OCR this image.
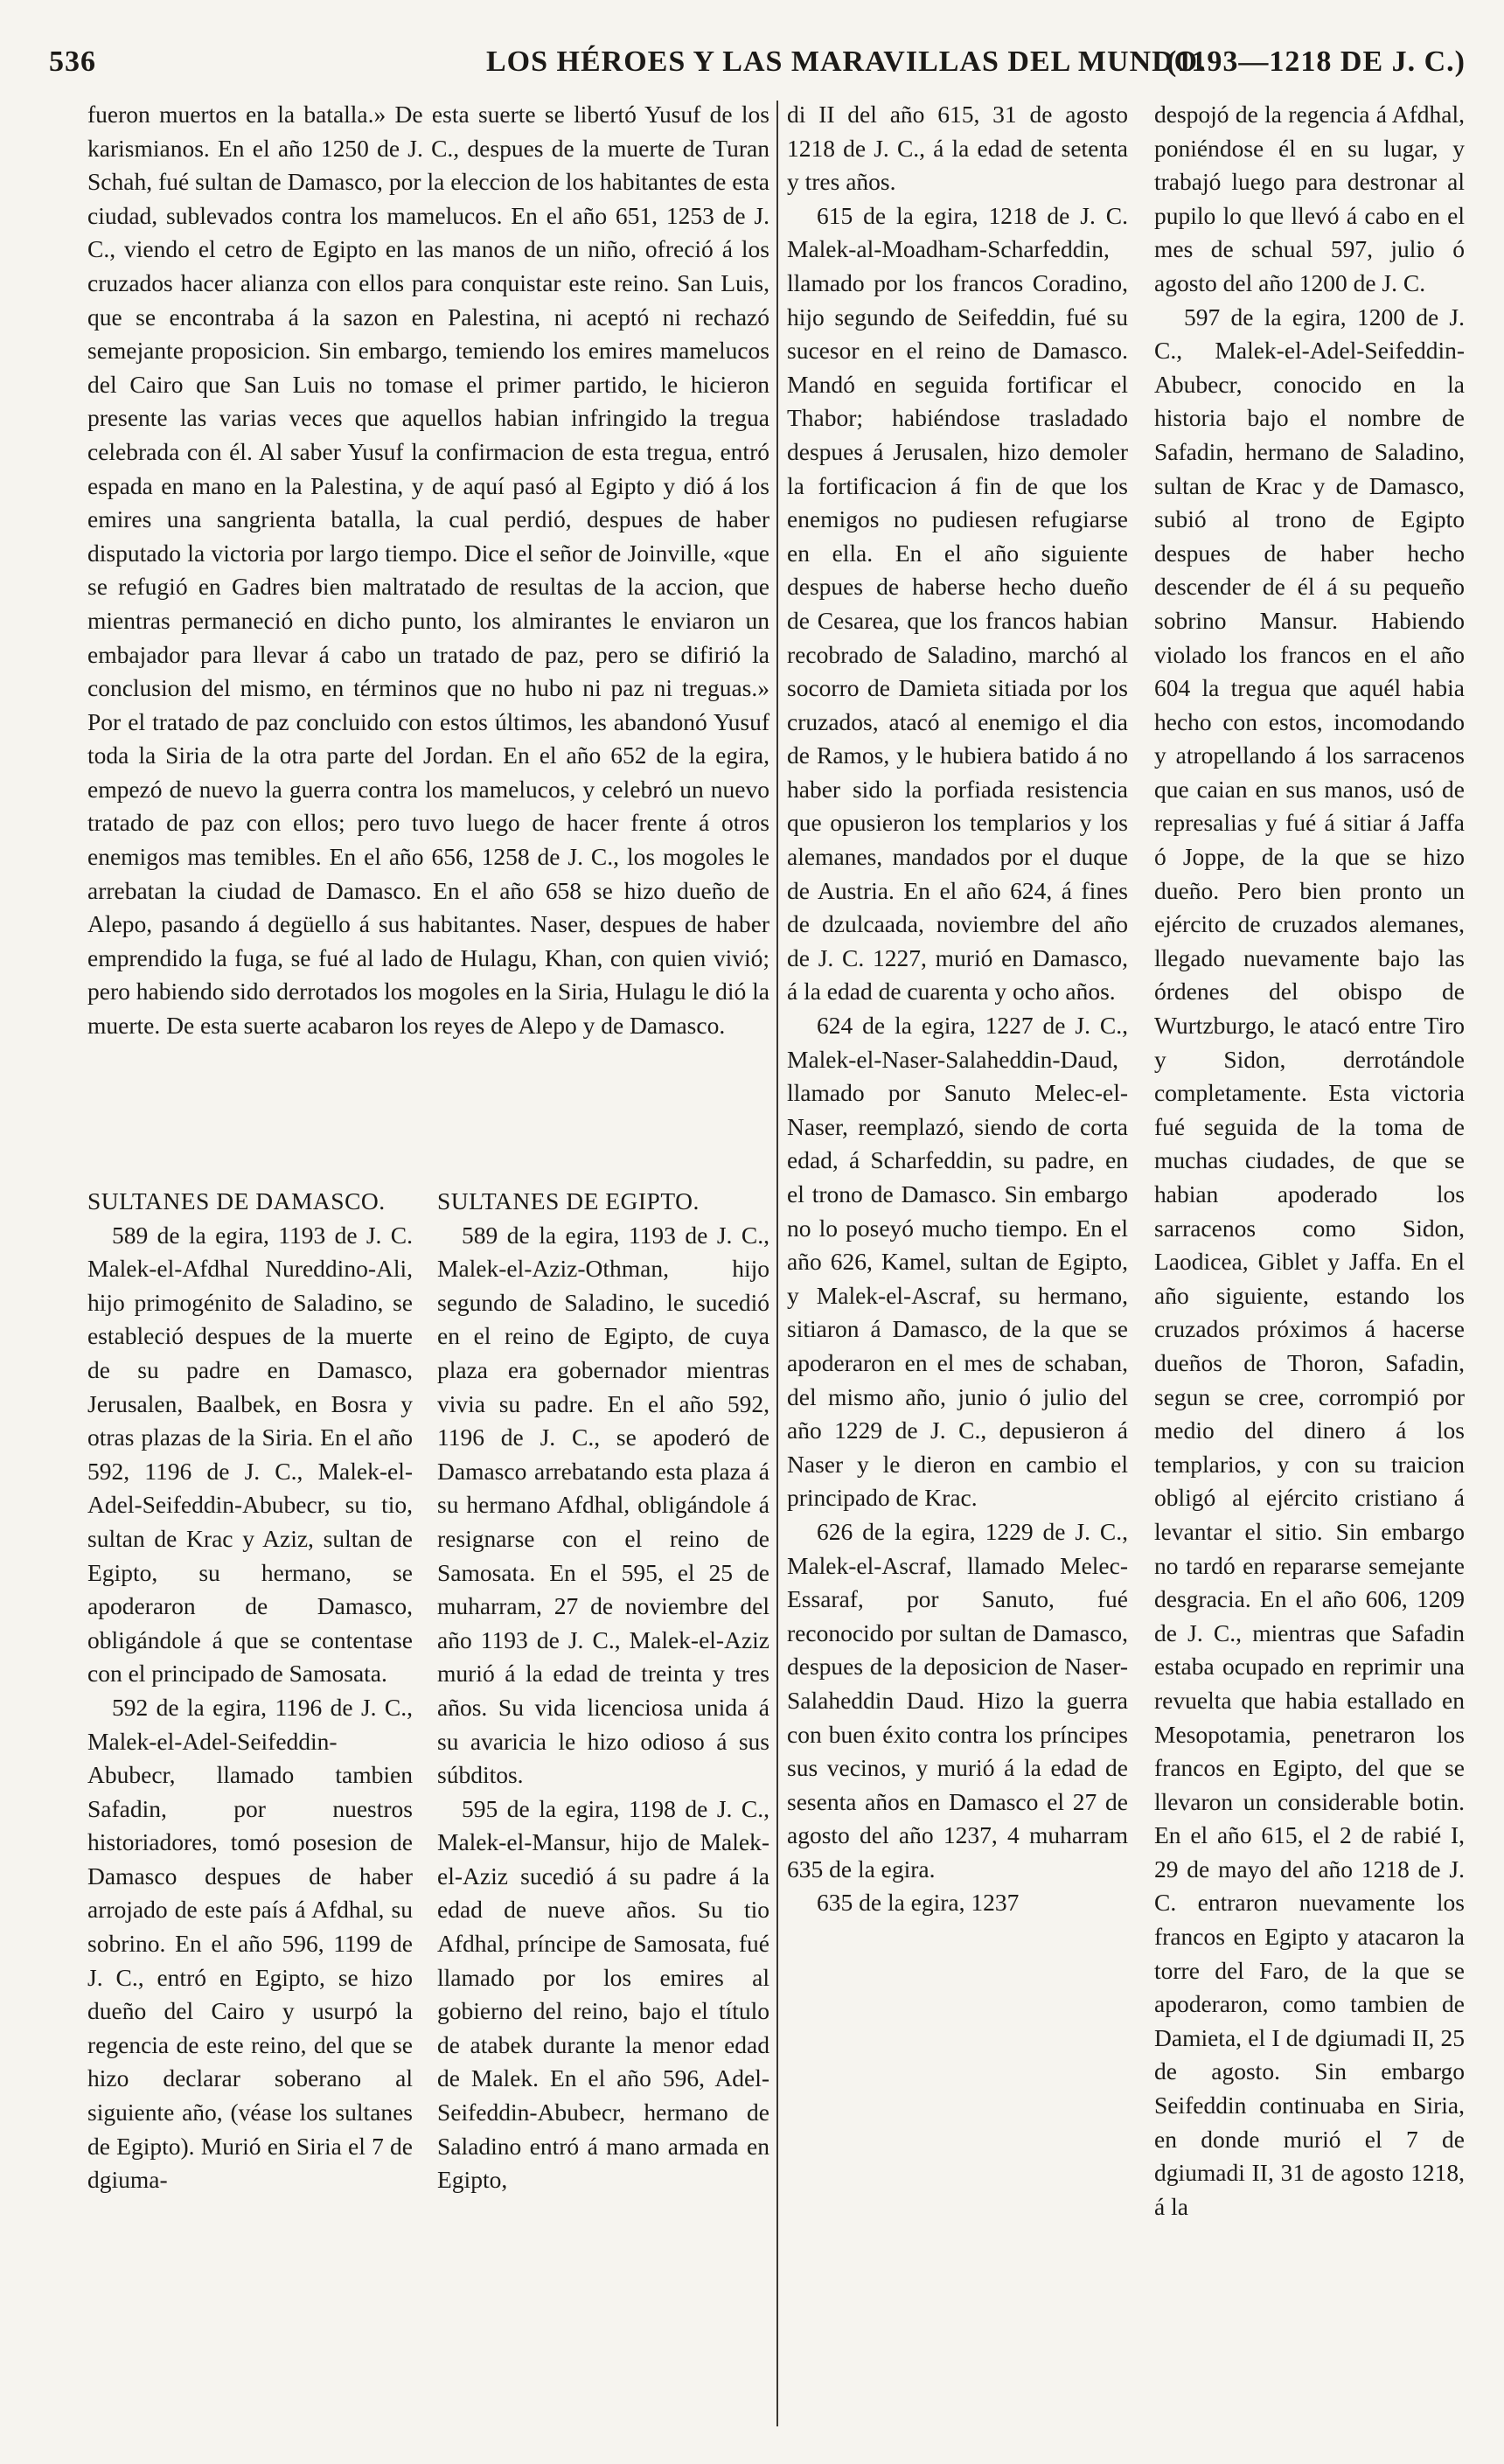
536	LOS HÉROES Y LAS MARAVILLAS DEL MUNDO.
(1193—1218 DE J. C.)

fueron muertos en la batalla.» De esta suerte se libertó Yusuf de los karismianos. En el año 1250 de J. C., despues de la muerte de Turan Schah, fué sultan de Damasco, por la eleccion de los habitantes de esta ciudad, sublevados contra los mamelucos. En el año 651, 1253 de J. C., viendo el cetro de Egipto en las manos de un niño, ofreció á los cruzados hacer alianza con ellos para conquistar este reino. San Luis, que se encontraba á la sazon en Palestina, ni aceptó ni rechazó semejante proposicion. Sin embargo, temiendo los emires mamelucos del Cairo que San Luis no tomase el primer partido, le hicieron presente las varias veces que aquellos habian infringido la tregua celebrada con él. Al saber Yusuf la confirmacion de esta tregua, entró espada en mano en la Palestina, y de aquí pasó al Egipto y dió á los emires una sangrienta batalla, la cual perdió, despues de haber disputado la victoria por largo tiempo. Dice el señor de Joinville, «que se refugió en Gadres bien maltratado de resultas de la accion, que mientras permaneció en dicho punto, los almirantes le enviaron un embajador para llevar á cabo un tratado de paz, pero se difirió la conclusion del mismo, en términos que no hubo ni paz ni treguas.» Por el tratado de paz concluido con estos últimos, les abandonó Yusuf toda la Siria de la otra parte del Jordan. En el año 652 de la egira, empezó de nuevo la guerra contra los mamelucos, y celebró un nuevo tratado de paz con ellos; pero tuvo luego de hacer frente á otros enemigos mas temibles. En el año 656, 1258 de J. C., los mogoles le arrebatan la ciudad de Damasco. En el año 658 se hizo dueño de Alepo, pasando á degüello á sus habitantes. Naser, despues de haber emprendido la fuga, se fué al lado de Hulagu, Khan, con quien vivió; pero habiendo sido derrotados los mogoles en la Siria, Hulagu le dió la muerte. De esta suerte acabaron los reyes de Alepo y de Damasco.

SULTANES DE DAMASCO.

589 de la egira, 1193 de J. C. Malek-el-Afdhal Nureddino-Ali, hijo primogénito de Saladino, se estableció despues de la muerte de su padre en Damasco, Jerusalen, Baalbek, en Bosra y otras plazas de la Siria. En el año 592, 1196 de J. C., Malek-el-Adel-Seifeddin-Abubecr, su tio, sultan de Krac y Aziz, sultan de Egipto, su hermano, se apoderaron de Damasco, obligándole á que se contentase con el principado de Samosata.

592 de la egira, 1196 de J. C., Malek-el-Adel-Seifeddin-Abubecr, llamado tambien Safadin, por nuestros historiadores, tomó posesion de Damasco despues de haber arrojado de este país á Afdhal, su sobrino. En el año 596, 1199 de J. C., entró en Egipto, se hizo dueño del Cairo y usurpó la regencia de este reino, del que se hizo declarar soberano al siguiente año, (véase los sultanes de Egipto). Murió en Siria el 7 de dgiuma-

SULTANES DE EGIPTO.

589 de la egira, 1193 de J. C., Malek-el-Aziz-Othman, hijo segundo de Saladino, le sucedió en el reino de Egipto, de cuya plaza era gobernador mientras vivia su padre. En el año 592, 1196 de J. C., se apoderó de Damasco arrebatando esta plaza á su hermano Afdhal, obligándole á resignarse con el reino de Samosata. En el 595, el 25 de muharram, 27 de noviembre del año 1193 de J. C., Malek-el-Aziz murió á la edad de treinta y tres años. Su vida licenciosa unida á su avaricia le hizo odioso á sus súbditos.

595 de la egira, 1198 de J. C., Malek-el-Mansur, hijo de Malek-el-Aziz sucedió á su padre á la edad de nueve años. Su tio Afdhal, príncipe de Samosata, fué llamado por los emires al gobierno del reino, bajo el título de atabek durante la menor edad de Malek. En el año 596, Adel-Seifeddin-Abubecr, hermano de Saladino entró á mano armada en Egipto,

di II del año 615, 31 de agosto 1218 de J. C., á la edad de setenta y tres años.

615 de la egira, 1218 de J. C. Malek-al-Moadham-Scharfeddin, llamado por los francos Coradino, hijo segundo de Seifeddin, fué su sucesor en el reino de Damasco. Mandó en seguida fortificar el Thabor; habiéndose trasladado despues á Jerusalen, hizo demoler la fortificacion á fin de que los enemigos no pudiesen refugiarse en ella. En el año siguiente despues de haberse hecho dueño de Cesarea, que los francos habian recobrado de Saladino, marchó al socorro de Damieta sitiada por los cruzados, atacó al enemigo el dia de Ramos, y le hubiera batido á no haber sido la porfiada resistencia que opusieron los templarios y los alemanes, mandados por el duque de Austria. En el año 624, á fines de dzulcaada, noviembre del año de J. C. 1227, murió en Damasco, á la edad de cuarenta y ocho años.

624 de la egira, 1227 de J. C., Malek-el-Naser-Salaheddin-Daud, llamado por Sanuto Melec-el-Naser, reemplazó, siendo de corta edad, á Scharfeddin, su padre, en el trono de Damasco. Sin embargo no lo poseyó mucho tiempo. En el año 626, Kamel, sultan de Egipto, y Malek-el-Ascraf, su hermano, sitiaron á Damasco, de la que se apoderaron en el mes de schaban, del mismo año, junio ó julio del año 1229 de J. C., depusieron á Naser y le dieron en cambio el principado de Krac.

626 de la egira, 1229 de J. C., Malek-el-Ascraf, llamado Melec-Essaraf, por Sanuto, fué reconocido por sultan de Damasco, despues de la deposicion de Naser-Salaheddin Daud. Hizo la guerra con buen éxito contra los príncipes sus vecinos, y murió á la edad de sesenta años en Damasco el 27 de agosto del año 1237, 4 muharram 635 de la egira.

635 de la egira, 1237

despojó de la regencia á Afdhal, poniéndose él en su lugar, y trabajó luego para destronar al pupilo lo que llevó á cabo en el mes de schual 597, julio ó agosto del año 1200 de J. C.

597 de la egira, 1200 de J. C., Malek-el-Adel-Seifeddin-Abubecr, conocido en la historia bajo el nombre de Safadin, hermano de Saladino, sultan de Krac y de Damasco, subió al trono de Egipto despues de haber hecho descender de él á su pequeño sobrino Mansur. Habiendo violado los francos en el año 604 la tregua que aquél habia hecho con estos, incomodando y atropellando á los sarracenos que caian en sus manos, usó de represalias y fué á sitiar á Jaffa ó Joppe, de la que se hizo dueño. Pero bien pronto un ejército de cruzados alemanes, llegado nuevamente bajo las órdenes del obispo de Wurtzburgo, le atacó entre Tiro y Sidon, derrotándole completamente. Esta victoria fué seguida de la toma de muchas ciudades, de que se habian apoderado los sarracenos como Sidon, Laodicea, Giblet y Jaffa. En el año siguiente, estando los cruzados próximos á hacerse dueños de Thoron, Safadin, segun se cree, corrompió por medio del dinero á los templarios, y con su traicion obligó al ejército cristiano á levantar el sitio. Sin embargo no tardó en repararse semejante desgracia. En el año 606, 1209 de J. C., mientras que Safadin estaba ocupado en reprimir una revuelta que habia estallado en Mesopotamia, penetraron los francos en Egipto, del que se llevaron un considerable botin. En el año 615, el 2 de rabié I, 29 de mayo del año 1218 de J. C. entraron nuevamente los francos en Egipto y atacaron la torre del Faro, de la que se apoderaron, como tambien de Damieta, el I de dgiumadi II, 25 de agosto. Sin embargo Seifeddin continuaba en Siria, en donde murió el 7 de dgiumadi II, 31 de agosto 1218, á la
